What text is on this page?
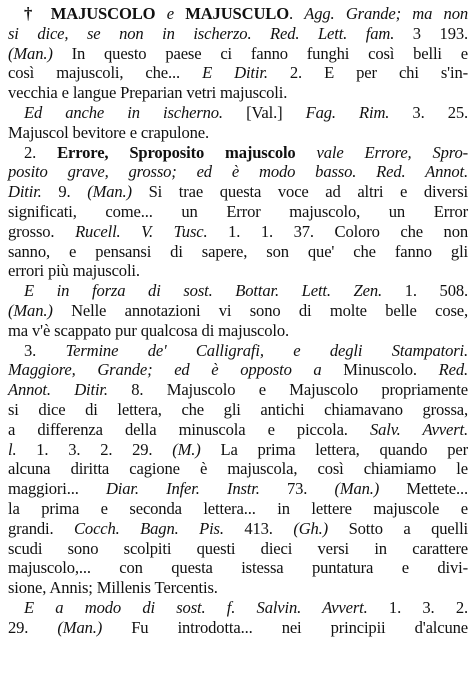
† MAJUSCOLO e MAJUSCULO. Agg. Grande; ma non
si dice, se non in ischerzo. Red. Lett. fam. 3 193.
(Man.) In questo paese ci fanno funghi così belli e
così majuscoli, che... E Ditir. 2. E per chi s'in-
vecchia e langue Preparian vetri majuscoli.
Ed anche in ischerno. [Val.] Fag. Rim. 3. 25.
Majuscol bevitore e crapulone.
2. Errore, Sproposito majuscolo vale Errore, Spro-
posito grave, grosso; ed è modo basso. Red. Annot.
Ditir. 9. (Man.) Si trae questa voce ad altri e diversi
significati, come... un Error majuscolo, un Error
grosso. Rucell. V. Tusc. 1. 1. 37. Coloro che non
sanno, e pensansi di sapere, son que' che fanno gli
errori più majuscoli.
E in forza di sost. Bottar. Lett. Zen. 1. 508.
(Man.) Nelle annotazioni vi sono di molte belle cose,
ma v'è scappato pur qualcosa di majuscolo.
3. Termine de' Calligrafi, e degli Stampatori.
Maggiore, Grande; ed è opposto a Minuscolo. Red.
Annot. Ditir. 8. Majuscolo e Majuscolo propriamente
si dice di lettera, che gli antichi chiamavano grossa,
a differenza della minuscola e piccola. Salv. Avvert.
l. 1. 3. 2. 29. (M.) La prima lettera, quando per
alcuna diritta cagione è majuscola, così chiamiamo le
maggiori... Diar. Infer. Instr. 73. (Man.) Mettete...
la prima e seconda lettera... in lettere majuscole e
grandi. Cocch. Bagn. Pis. 413. (Gh.) Sotto a quelli
scudi sono scolpiti questi dieci versi in carattere
majuscolo,... con questa istessa puntatura e divi-
sione, Annis; Millenis Tercentis.
E a modo di sost. f. Salvin. Avvert. 1. 3. 2.
29. (Man.) Fu introdotta... nei principii d'alcune
